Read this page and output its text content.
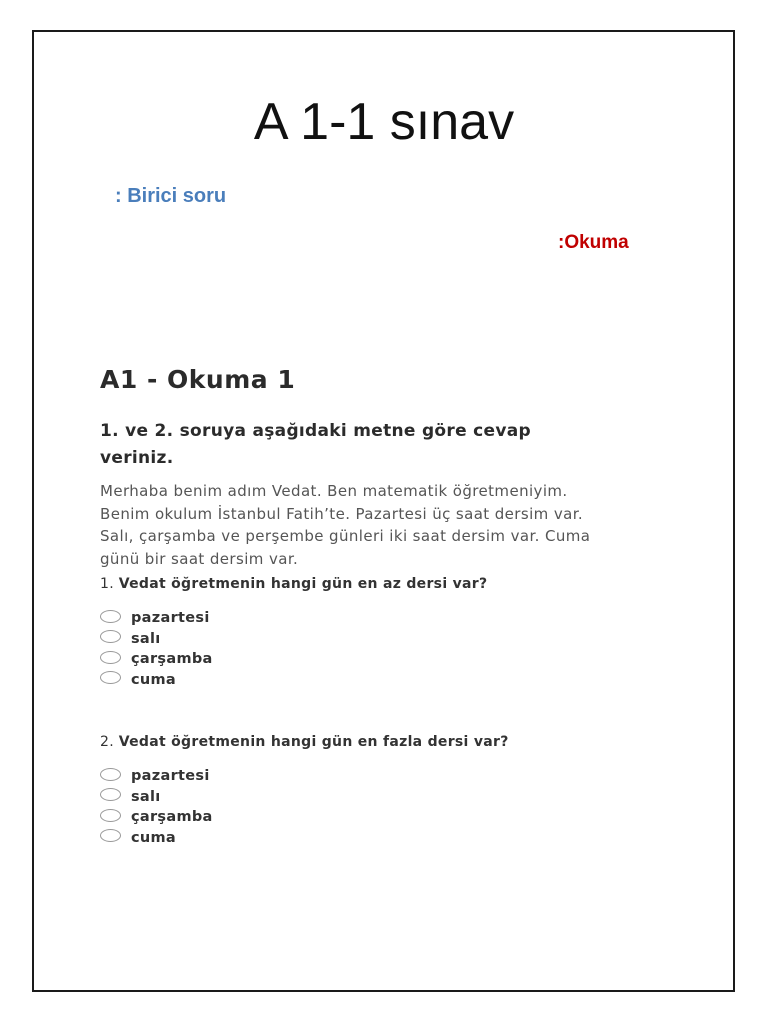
A 1-1 sınav
: Birici soru
:Okuma
A1 - Okuma 1
1. ve 2. soruya aşağıdaki metne göre cevap veriniz.
Merhaba benim adım Vedat. Ben matematik öğretmeniyim. Benim okulum İstanbul Fatih’te. Pazartesi üç saat dersim var. Salı, çarşamba ve perşembe günleri iki saat dersim var. Cuma günü bir saat dersim var.
1. Vedat öğretmenin hangi gün en az dersi var?
pazartesi
salı
çarşamba
cuma
2. Vedat öğretmenin hangi gün en fazla dersi var?
pazartesi
salı
çarşamba
cuma
